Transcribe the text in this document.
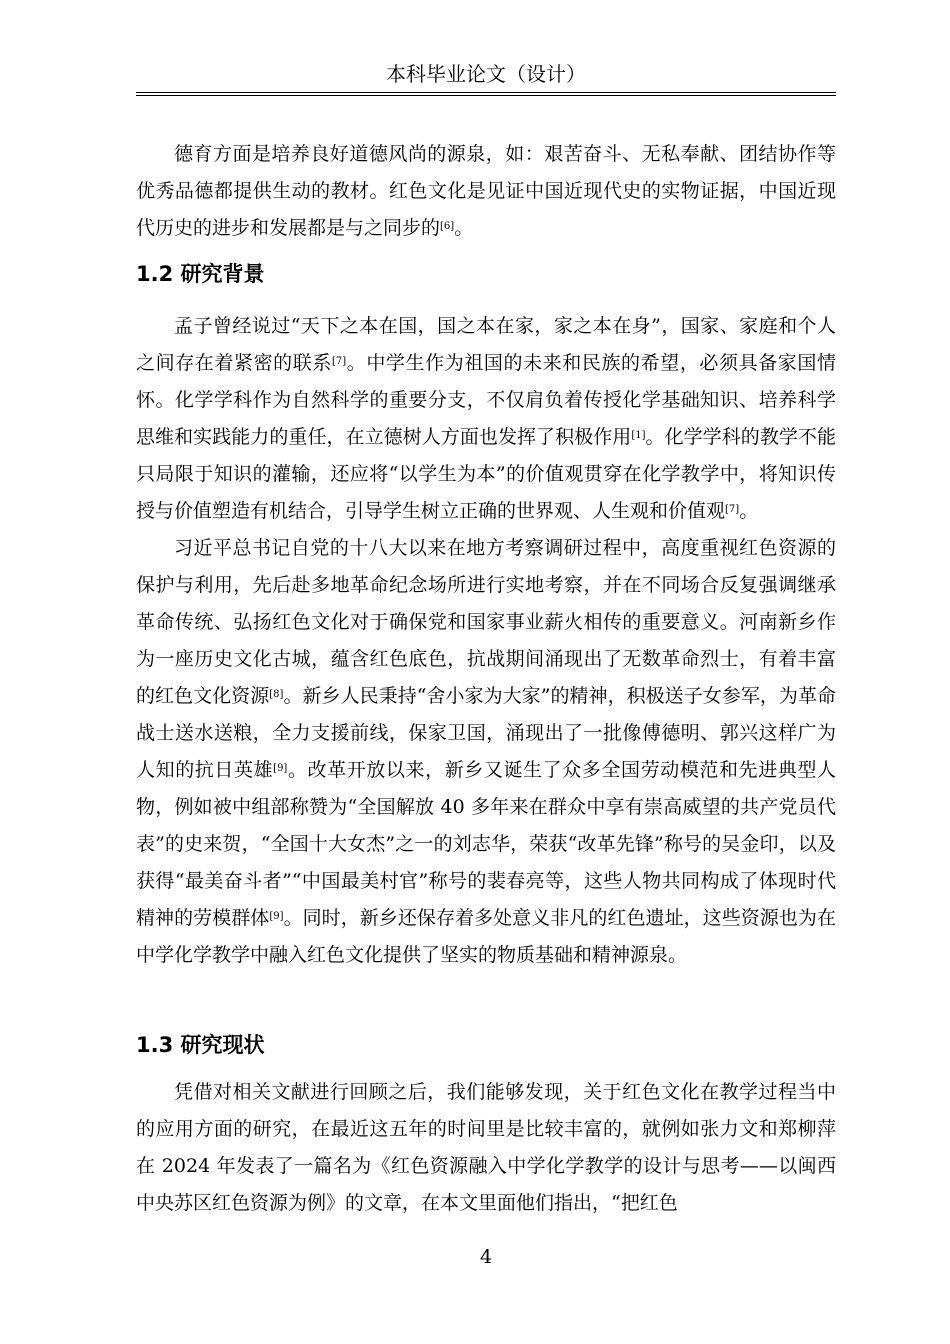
本科毕业论文（设计）

德育方面是培养良好道德风尚的源泉，如：艰苦奋斗、无私奉献、团结协作等优秀品德都提供生动的教材。红色文化是见证中国近现代史的实物证据，中国近现代历史的进步和发展都是与之同步的[6]。

1.2 研究背景

孟子曾经说过“天下之本在国，国之本在家，家之本在身”，国家、家庭和个人之间存在着紧密的联系[7]。中学生作为祖国的未来和民族的希望，必须具备家国情怀。化学学科作为自然科学的重要分支，不仅肩负着传授化学基础知识、培养科学思维和实践能力的重任，在立德树人方面也发挥了积极作用[1]。化学学科的教学不能只局限于知识的灌输，还应将“以学生为本”的价值观贯穿在化学教学中，将知识传授与价值塑造有机结合，引导学生树立正确的世界观、人生观和价值观[7]。

习近平总书记自党的十八大以来在地方考察调研过程中，高度重视红色资源的保护与利用，先后赴多地革命纪念场所进行实地考察，并在不同场合反复强调继承革命传统、弘扬红色文化对于确保党和国家事业薪火相传的重要意义。河南新乡作为一座历史文化古城，蕴含红色底色，抗战期间涌现出了无数革命烈士，有着丰富的红色文化资源[8]。新乡人民秉持“舍小家为大家”的精神，积极送子女参军，为革命战士送水送粮，全力支援前线，保家卫国，涌现出了一批像傅德明、郭兴这样广为人知的抗日英雄[9]。改革开放以来，新乡又诞生了众多全国劳动模范和先进典型人物，例如被中组部称赞为“全国解放 40 多年来在群众中享有崇高威望的共产党员代表”的史来贺，“全国十大女杰”之一的刘志华，荣获“改革先锋”称号的吴金印，以及获得“最美奋斗者”“中国最美村官”称号的裴春亮等，这些人物共同构成了体现时代精神的劳模群体[9]。同时，新乡还保存着多处意义非凡的红色遗址，这些资源也为在中学化学教学中融入红色文化提供了坚实的物质基础和精神源泉。

1.3 研究现状

凭借对相关文献进行回顾之后，我们能够发现，关于红色文化在教学过程当中的应用方面的研究，在最近这五年的时间里是比较丰富的，就例如张力文和郑柳萍在 2024 年发表了一篇名为《红色资源融入中学化学教学的设计与思考——以闽西中央苏区红色资源为例》的文章，在本文里面他们指出，“把红色

4
